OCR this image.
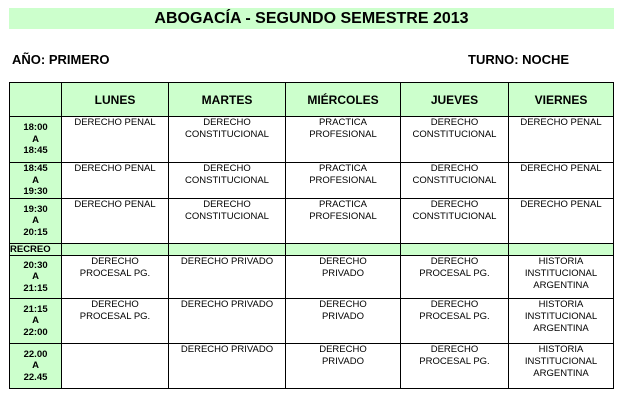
ABOGACÍA - SEGUNDO SEMESTRE 2013
AÑO: PRIMERO	TURNO: NOCHE
	LUNES	MARTES	MIÉRCOLES	JUEVES	VIERNES

18:00
A
18:45	DERECHO PENAL	DERECHO
CONSTITUCIONAL	PRACTICA
PROFESIONAL	DERECHO
CONSTITUCIONAL	DERECHO PENAL

18:45
A
19:30	DERECHO PENAL	DERECHO
CONSTITUCIONAL	PRACTICA
PROFESIONAL	DERECHO
CONSTITUCIONAL	DERECHO PENAL

19:30
A
20:15	DERECHO PENAL	DERECHO
CONSTITUCIONAL	PRACTICA
PROFESIONAL	DERECHO
CONSTITUCIONAL	DERECHO PENAL

RECREO					

20:30
A
21:15	DERECHO
PROCESAL PG.	DERECHO PRIVADO	DERECHO
PRIVADO	DERECHO
PROCESAL PG.	HISTORIA
INSTITUCIONAL
ARGENTINA

21:15
A
22:00	DERECHO
PROCESAL PG.	DERECHO PRIVADO	DERECHO
PRIVADO	DERECHO
PROCESAL PG.	HISTORIA
INSTITUCIONAL
ARGENTINA

22.00
A
22.45		DERECHO PRIVADO	DERECHO
PRIVADO	DERECHO
PROCESAL PG.	HISTORIA
INSTITUCIONAL
ARGENTINA
